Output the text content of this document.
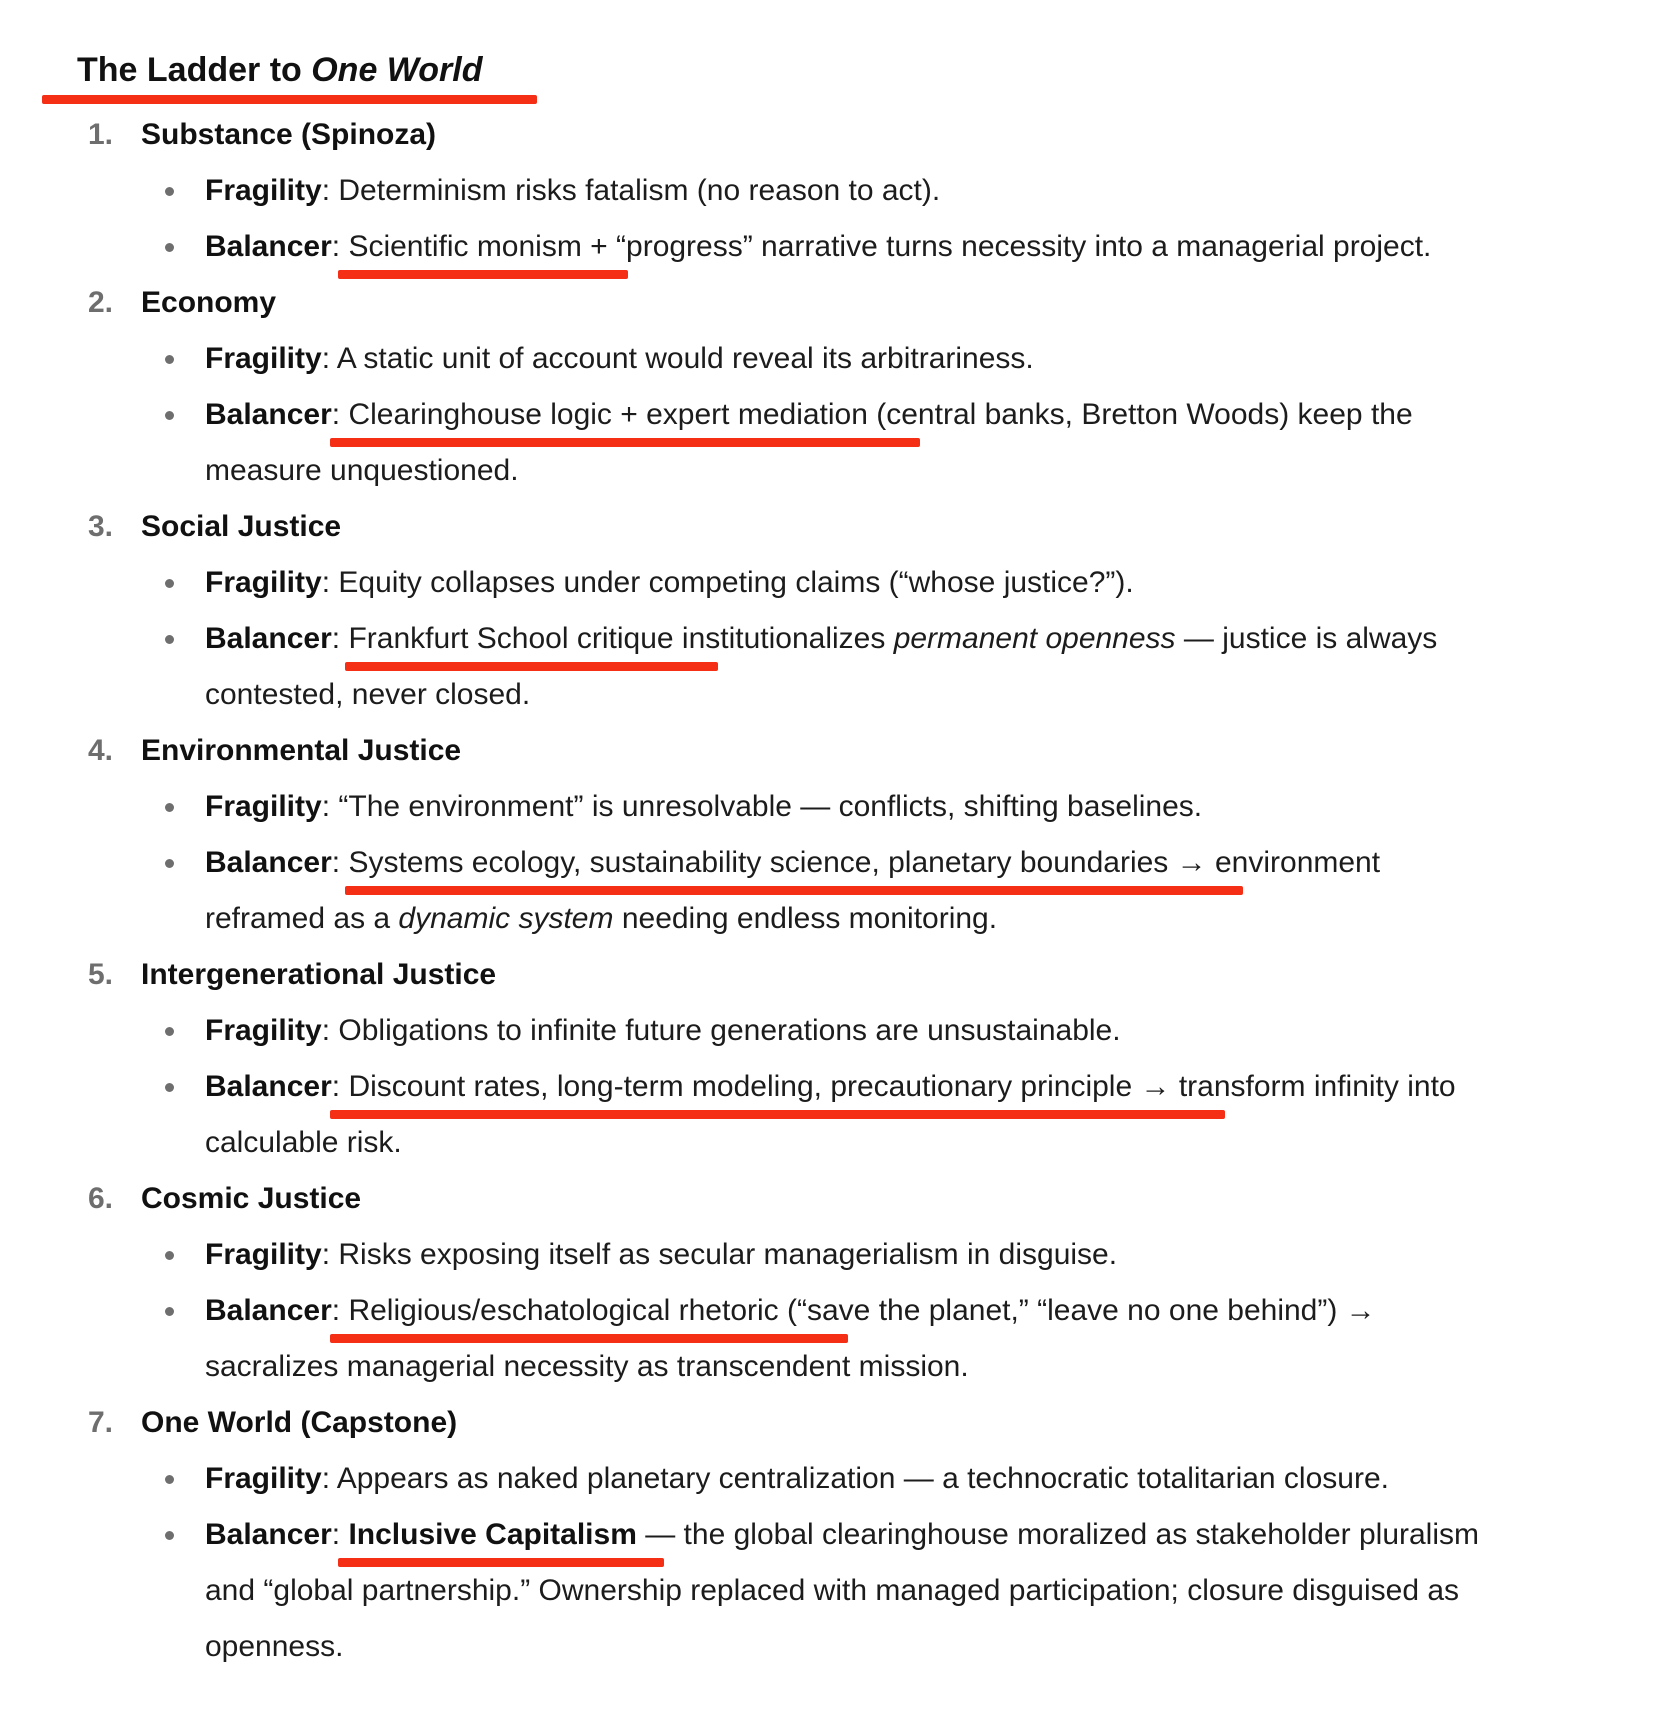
The Ladder to One World
1. Substance (Spinoza)
Fragility: Determinism risks fatalism (no reason to act).
Balancer: Scientific monism + “progress” narrative turns necessity into a managerial project.
2. Economy
Fragility: A static unit of account would reveal its arbitrariness.
Balancer: Clearinghouse logic + expert mediation (central banks, Bretton Woods) keep the
measure unquestioned.
3. Social Justice
Fragility: Equity collapses under competing claims (“whose justice?”).
Balancer: Frankfurt School critique institutionalizes permanent openness — justice is always
contested, never closed.
4. Environmental Justice
Fragility: “The environment” is unresolvable — conflicts, shifting baselines.
Balancer: Systems ecology, sustainability science, planetary boundaries → environment
reframed as a dynamic system needing endless monitoring.
5. Intergenerational Justice
Fragility: Obligations to infinite future generations are unsustainable.
Balancer: Discount rates, long-term modeling, precautionary principle → transform infinity into
calculable risk.
6. Cosmic Justice
Fragility: Risks exposing itself as secular managerialism in disguise.
Balancer: Religious/eschatological rhetoric (“save the planet,” “leave no one behind”) →
sacralizes managerial necessity as transcendent mission.
7. One World (Capstone)
Fragility: Appears as naked planetary centralization — a technocratic totalitarian closure.
Balancer: Inclusive Capitalism — the global clearinghouse moralized as stakeholder pluralism
and “global partnership.” Ownership replaced with managed participation; closure disguised as
openness.
